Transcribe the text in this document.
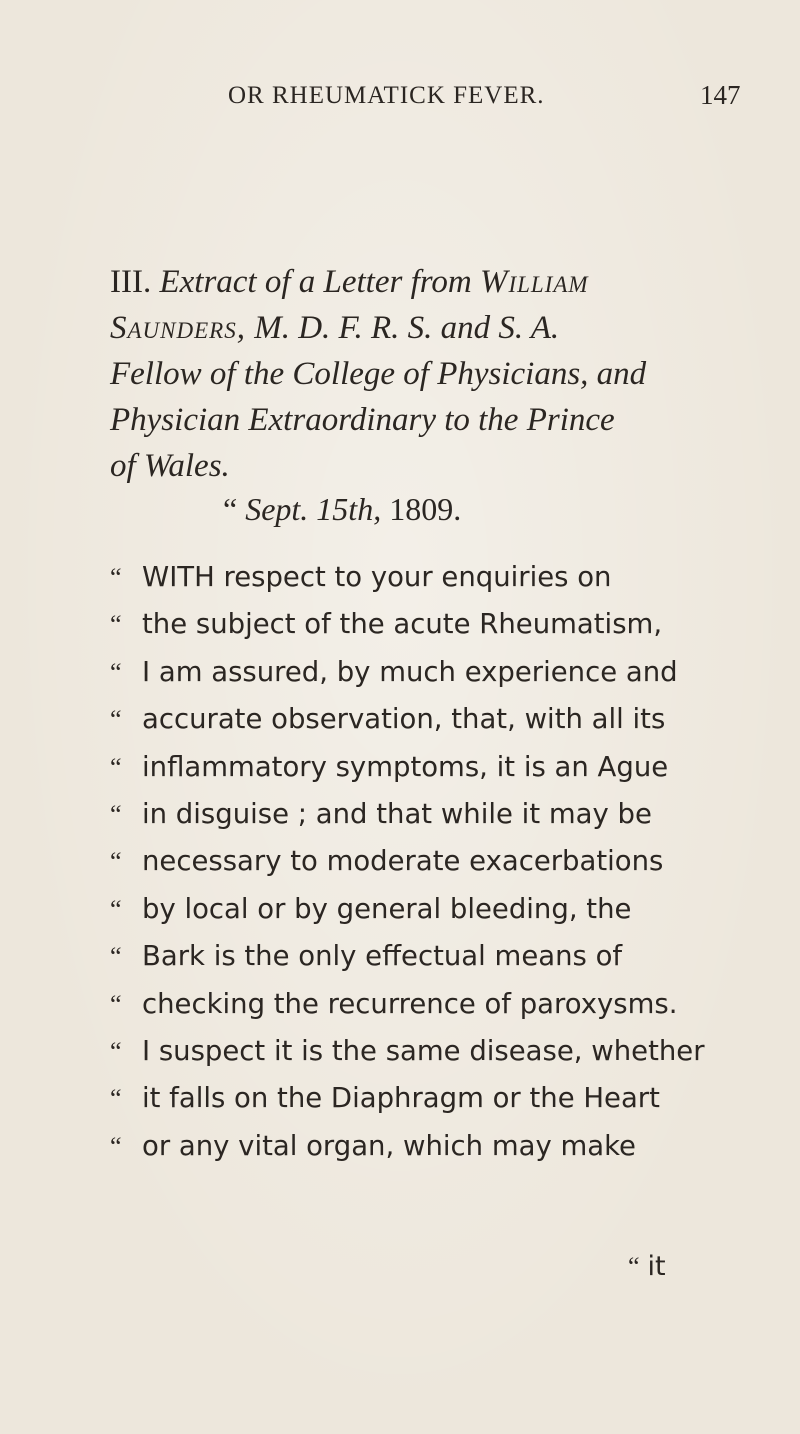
OR RHEUMATICK FEVER.	147
III. Extract of a Letter from William
Saunders, M. D. F. R. S. and S. A.
Fellow of the College of Physicians, and
Physician Extraordinary to the Prince
of Wales.
“ Sept. 15th, 1809.
“ WITH respect to your enquiries on
“ the subject of the acute Rheumatism,
“ I am assured, by much experience and
“ accurate observation, that, with all its
“ inflammatory symptoms, it is an Ague
“ in disguise ; and that while it may be
“ necessary to moderate exacerbations
“ by local or by general bleeding, the
“ Bark is the only effectual means of
“ checking the recurrence of paroxysms.
“ I suspect it is the same disease, whether
“ it falls on the Diaphragm or the Heart
“ or any vital organ, which may make
“ it
